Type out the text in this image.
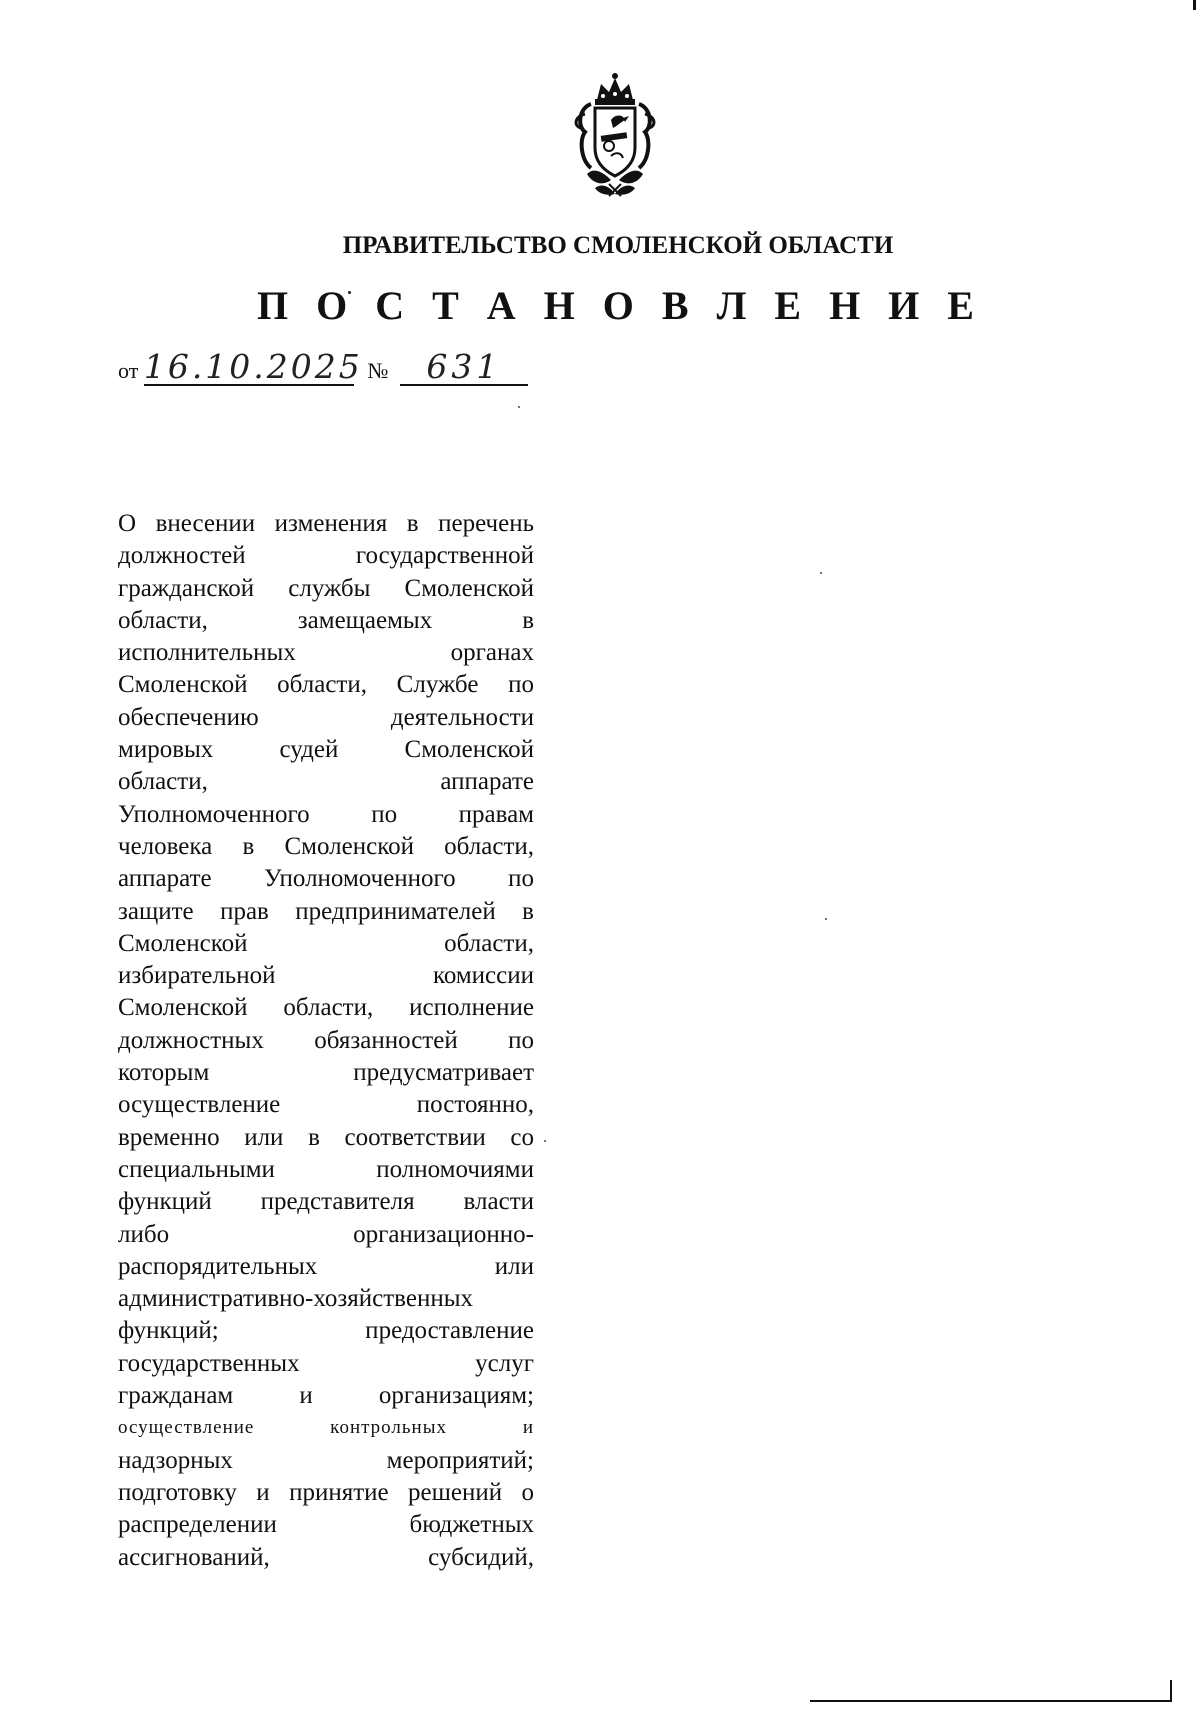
ПРАВИТЕЛЬСТВО СМОЛЕНСКОЙ ОБЛАСТИ
П О С Т А Н О В Л Е Н И Е
от 16.10.2025 № 631
О внесении изменения в перечень
должностей государственной
гражданской службы Смоленской
области, замещаемых в
исполнительных органах
Смоленской области, Службе по
обеспечению деятельности
мировых судей Смоленской
области, аппарате
Уполномоченного по правам
человека в Смоленской области,
аппарате Уполномоченного по
защите прав предпринимателей в
Смоленской области,
избирательной комиссии
Смоленской области, исполнение
должностных обязанностей по
которым предусматривает
осуществление постоянно,
временно или в соответствии со
специальными полномочиями
функций представителя власти
либо организационно-
распорядительных или
административно-хозяйственных
функций; предоставление
государственных услуг
гражданам и организациям;
осуществление контрольных и
надзорных мероприятий;
подготовку и принятие решений о
распределении бюджетных
ассигнований, субсидий,
